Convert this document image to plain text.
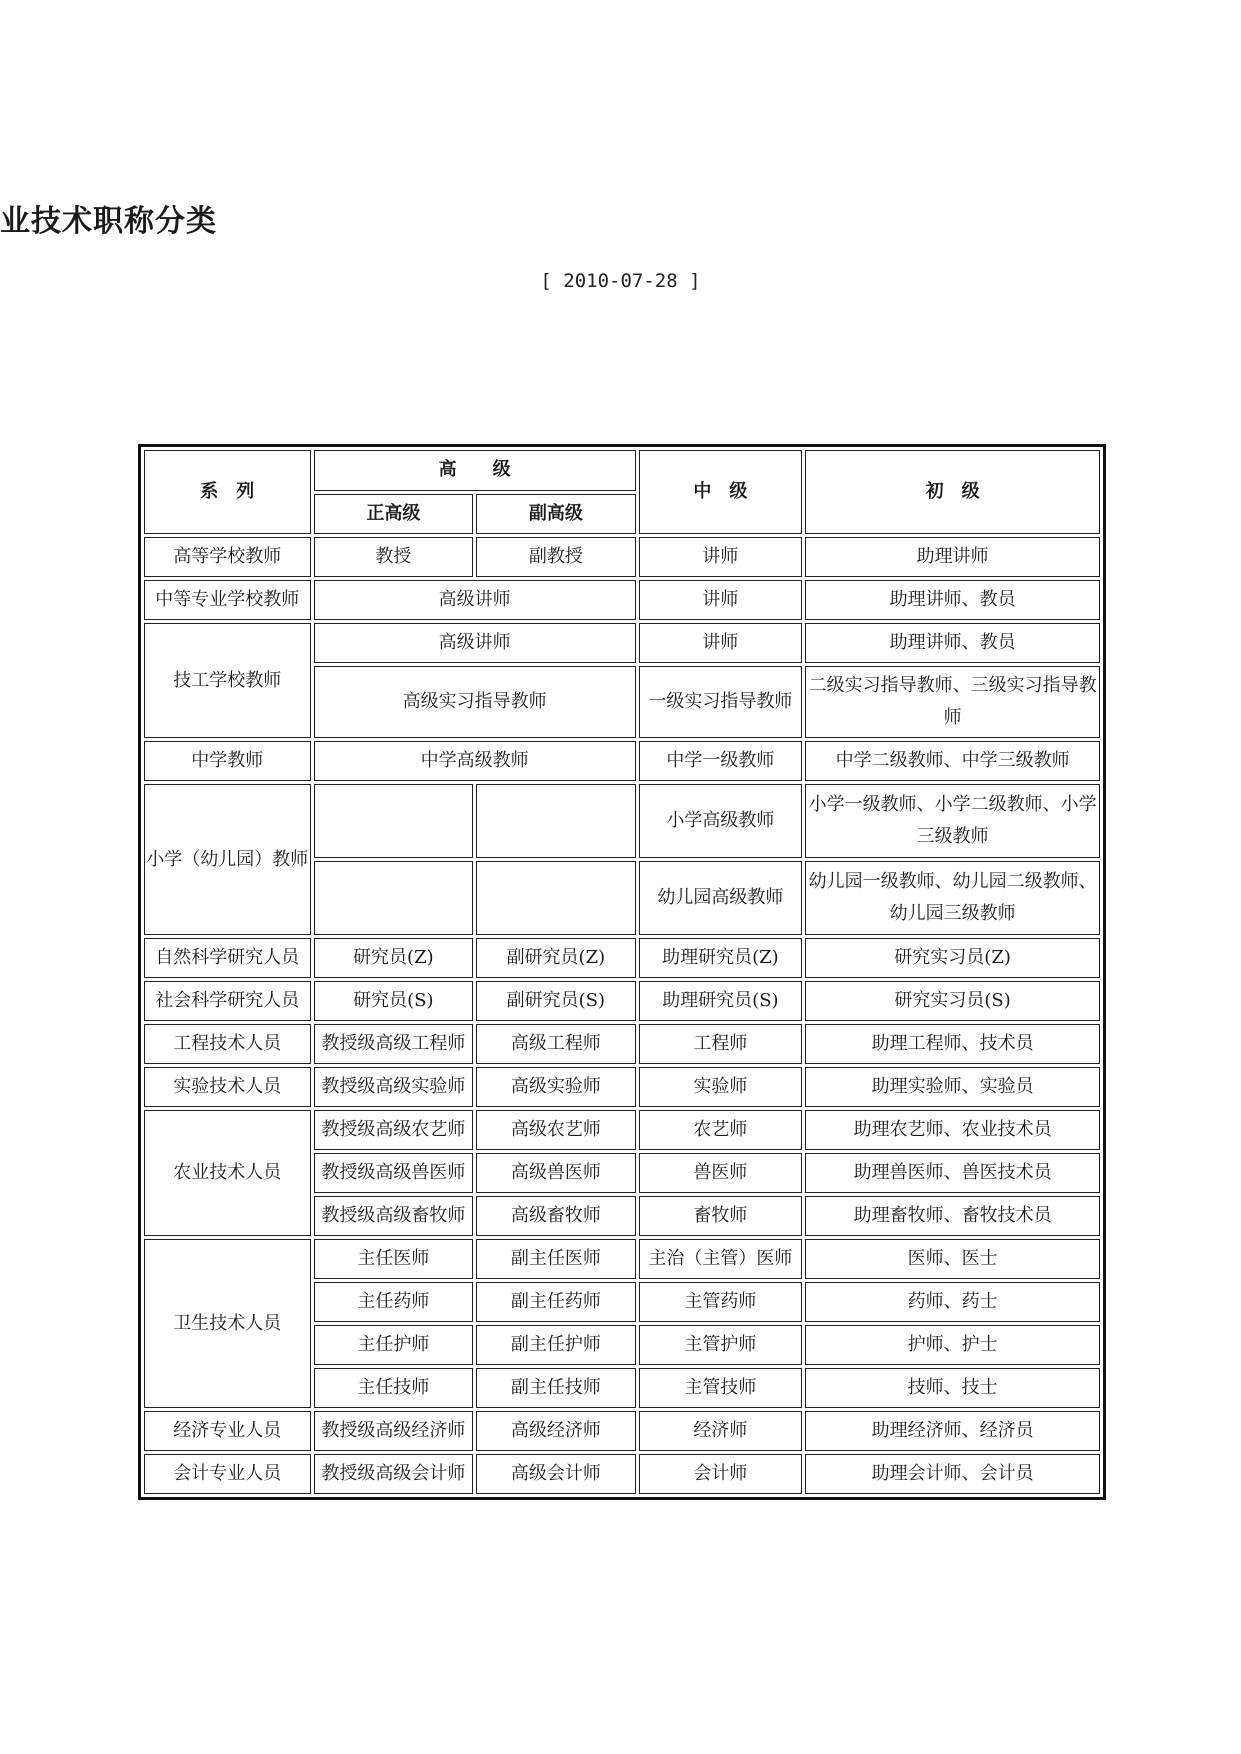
业技术职称分类
[ 2010-07-28 ]
系　列	高　　级		中　级	初　级
	正高级	副高级		
高等学校教师	教授	副教授	讲师	助理讲师
中等专业学校教师	高级讲师		讲师	助理讲师、教员
技工学校教师	高级讲师		讲师	助理讲师、教员
	高级实习指导教师		一级实习指导教师	二级实习指导教师、三级实习指导教师
中学教师	中学高级教师		中学一级教师	中学二级教师、中学三级教师
小学（幼儿园）教师			小学高级教师	小学一级教师、小学二级教师、小学三级教师
			幼儿园高级教师	幼儿园一级教师、幼儿园二级教师、幼儿园三级教师
自然科学研究人员	研究员(Z)	副研究员(Z)	助理研究员(Z)	研究实习员(Z)
社会科学研究人员	研究员(S)	副研究员(S)	助理研究员(S)	研究实习员(S)
工程技术人员	教授级高级工程师	高级工程师	工程师	助理工程师、技术员
实验技术人员	教授级高级实验师	高级实验师	实验师	助理实验师、实验员
农业技术人员	教授级高级农艺师	高级农艺师	农艺师	助理农艺师、农业技术员
	教授级高级兽医师	高级兽医师	兽医师	助理兽医师、兽医技术员
	教授级高级畜牧师	高级畜牧师	畜牧师	助理畜牧师、畜牧技术员
卫生技术人员	主任医师	副主任医师	主治（主管）医师	医师、医士
	主任药师	副主任药师	主管药师	药师、药士
	主任护师	副主任护师	主管护师	护师、护士
	主任技师	副主任技师	主管技师	技师、技士
经济专业人员	教授级高级经济师	高级经济师	经济师	助理经济师、经济员
会计专业人员	教授级高级会计师	高级会计师	会计师	助理会计师、会计员
